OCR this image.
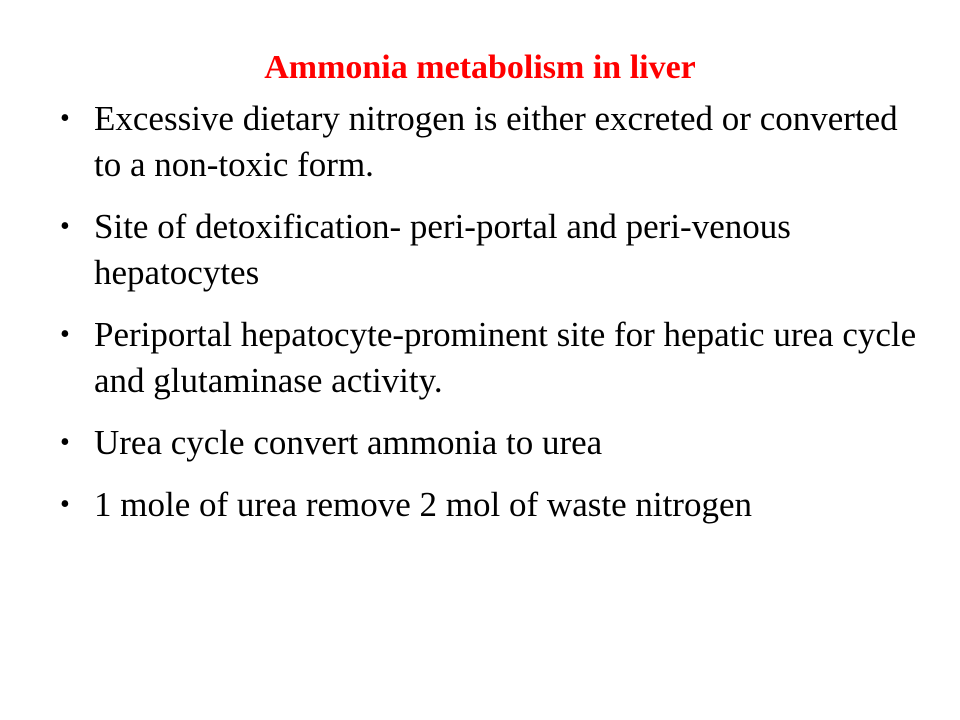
Ammonia metabolism in liver
• Excessive dietary nitrogen is either excreted or converted to a non-toxic form.
• Site of detoxification- peri-portal and peri-venous hepatocytes
• Periportal hepatocyte-prominent site for hepatic urea cycle and glutaminase activity.
• Urea cycle convert ammonia to urea
• 1 mole of urea remove 2 mol of waste nitrogen
